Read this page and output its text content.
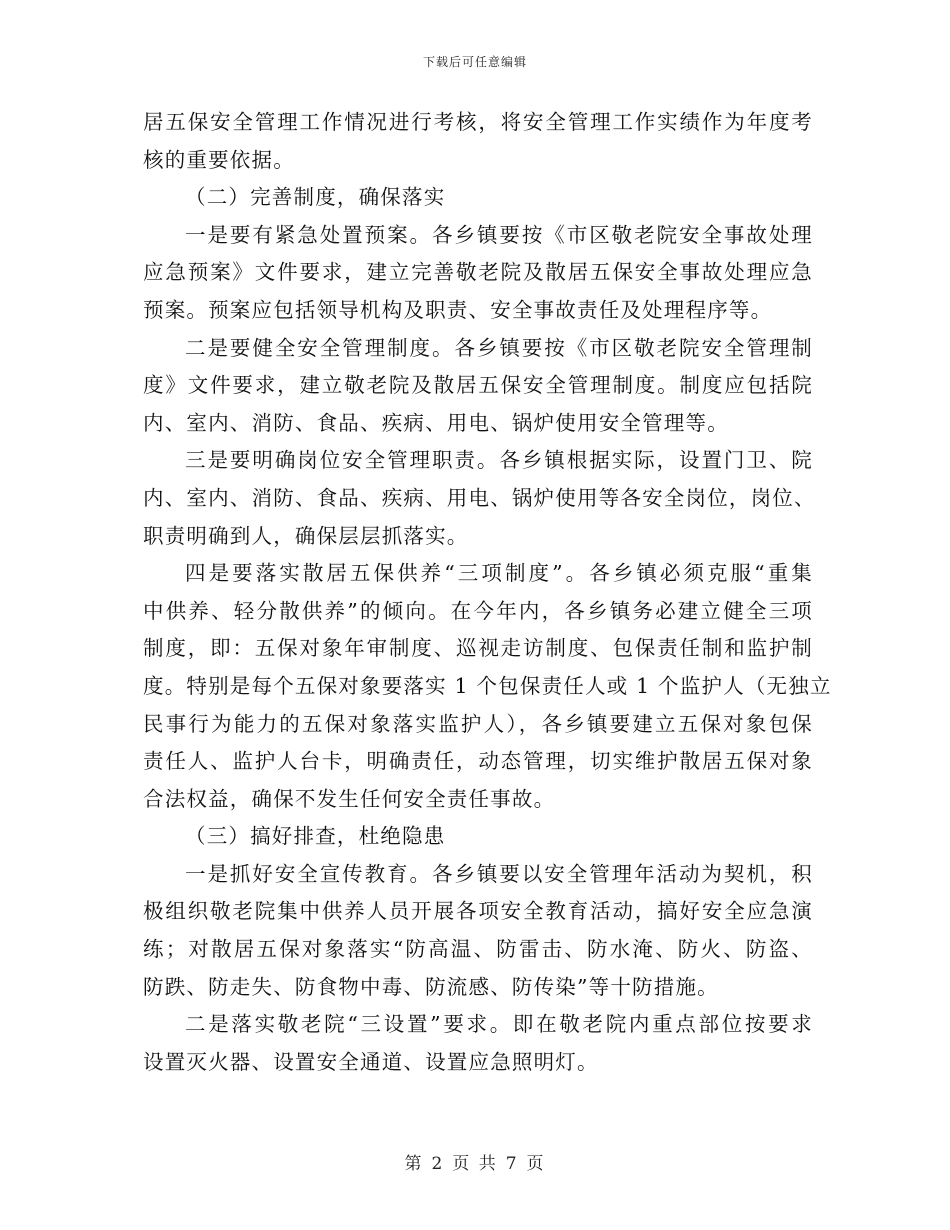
下载后可任意编辑
居五保安全管理工作情况进行考核，将安全管理工作实绩作为年度考
核的重要依据。
（二）完善制度，确保落实
一是要有紧急处置预案。各乡镇要按《市区敬老院安全事故处理
应急预案》文件要求，建立完善敬老院及散居五保安全事故处理应急
预案。预案应包括领导机构及职责、安全事故责任及处理程序等。
二是要健全安全管理制度。各乡镇要按《市区敬老院安全管理制
度》文件要求，建立敬老院及散居五保安全管理制度。制度应包括院
内、室内、消防、食品、疾病、用电、锅炉使用安全管理等。
三是要明确岗位安全管理职责。各乡镇根据实际，设置门卫、院
内、室内、消防、食品、疾病、用电、锅炉使用等各安全岗位，岗位、
职责明确到人，确保层层抓落实。
四是要落实散居五保供养“三项制度”。各乡镇必须克服“重集
中供养、轻分散供养”的倾向。在今年内，各乡镇务必建立健全三项
制度，即：五保对象年审制度、巡视走访制度、包保责任制和监护制
度。特别是每个五保对象要落实 1 个包保责任人或 1 个监护人（无独立
民事行为能力的五保对象落实监护人），各乡镇要建立五保对象包保
责任人、监护人台卡，明确责任，动态管理，切实维护散居五保对象
合法权益，确保不发生任何安全责任事故。
（三）搞好排查，杜绝隐患
一是抓好安全宣传教育。各乡镇要以安全管理年活动为契机，积
极组织敬老院集中供养人员开展各项安全教育活动，搞好安全应急演
练；对散居五保对象落实“防高温、防雷击、防水淹、防火、防盗、
防跌、防走失、防食物中毒、防流感、防传染”等十防措施。
二是落实敬老院“三设置”要求。即在敬老院内重点部位按要求
设置灭火器、设置安全通道、设置应急照明灯。
第 2 页 共 7 页
